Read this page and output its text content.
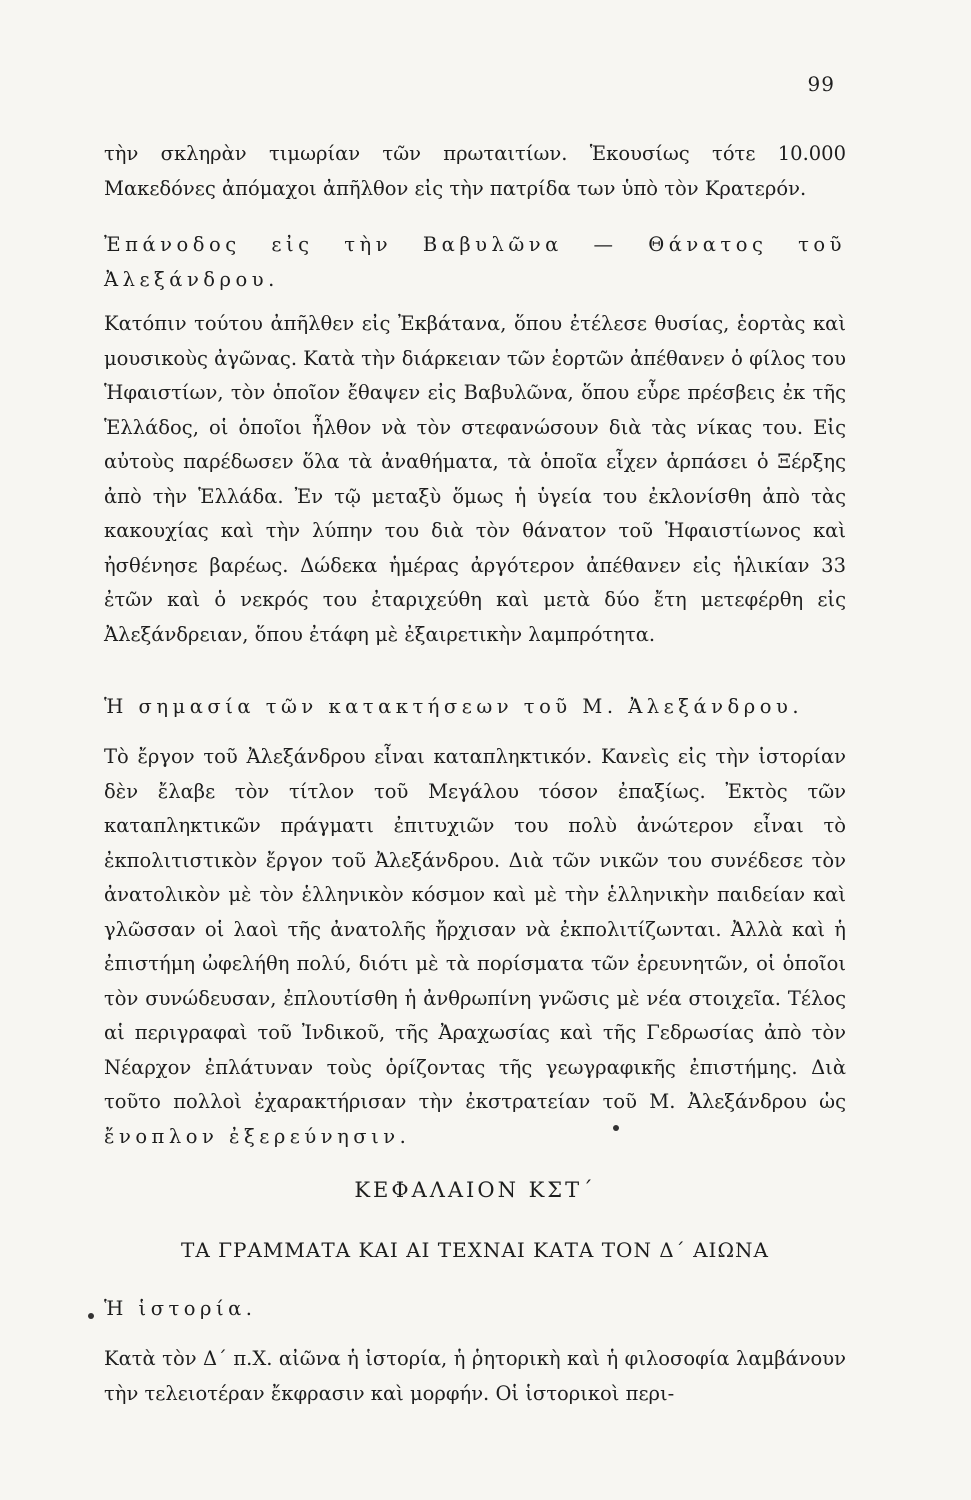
99

τὴν σκληρὰν τιμωρίαν τῶν πρωταιτίων. Ἑκουσίως τότε 10.000 Μακεδόνες ἀπόμαχοι ἀπῆλθον εἰς τὴν πατρίδα των ὑπὸ τὸν Κρατερόν.

Ἐπάνοδος εἰς τὴν Βαβυλῶνα — Θάνατος τοῦ Ἀλεξάνδρου.

Κατόπιν τούτου ἀπῆλθεν εἰς Ἐκβάτανα, ὅπου ἐτέλεσε θυσίας, ἑορτὰς καὶ μουσικοὺς ἀγῶνας. Κατὰ τὴν διάρκειαν τῶν ἑορτῶν ἀπέθανεν ὁ φίλος του Ἡφαιστίων, τὸν ὁποῖον ἔθαψεν εἰς Βαβυλῶνα, ὅπου εὗρε πρέσβεις ἐκ τῆς Ἑλλάδος, οἱ ὁποῖοι ἦλθον νὰ τὸν στεφανώσουν διὰ τὰς νίκας του. Εἰς αὐτοὺς παρέδωσεν ὅλα τὰ ἀναθήματα, τὰ ὁποῖα εἶχεν ἁρπάσει ὁ Ξέρξης ἀπὸ τὴν Ἑλλάδα. Ἐν τῷ μεταξὺ ὅμως ἡ ὑγεία του ἐκλονίσθη ἀπὸ τὰς κακουχίας καὶ τὴν λύπην του διὰ τὸν θάνατον τοῦ Ἡφαιστίωνος καὶ ἠσθένησε βαρέως. Δώδεκα ἡμέρας ἀργότερον ἀπέθανεν εἰς ἡλικίαν 33 ἐτῶν καὶ ὁ νεκρός του ἐταριχεύθη καὶ μετὰ δύο ἔτη μετεφέρθη εἰς Ἀλεξάνδρειαν, ὅπου ἐτάφη μὲ ἐξαιρετικὴν λαμπρότητα.

Ἡ σημασία τῶν κατακτήσεων τοῦ Μ. Ἀλεξάνδρου.

Τὸ ἔργον τοῦ Ἀλεξάνδρου εἶναι καταπληκτικόν. Κανεὶς εἰς τὴν ἱστορίαν δὲν ἔλαβε τὸν τίτλον τοῦ Μεγάλου τόσον ἐπαξίως. Ἐκτὸς τῶν καταπληκτικῶν πράγματι ἐπιτυχιῶν του πολὺ ἀνώτερον εἶναι τὸ ἐκπολιτιστικὸν ἔργον τοῦ Ἀλεξάνδρου. Διὰ τῶν νικῶν του συνέδεσε τὸν ἀνατολικὸν μὲ τὸν ἑλληνικὸν κόσμον καὶ μὲ τὴν ἑλληνικὴν παιδείαν καὶ γλῶσσαν οἱ λαοὶ τῆς ἀνατολῆς ἤρχισαν νὰ ἐκπολιτίζωνται. Ἀλλὰ καὶ ἡ ἐπιστήμη ὠφελήθη πολύ, διότι μὲ τὰ πορίσματα τῶν ἐρευνητῶν, οἱ ὁποῖοι τὸν συνώδευσαν, ἐπλουτίσθη ἡ ἀνθρωπίνη γνῶσις μὲ νέα στοιχεῖα. Τέλος αἱ περιγραφαὶ τοῦ Ἰνδικοῦ, τῆς Ἀραχωσίας καὶ τῆς Γεδρωσίας ἀπὸ τὸν Νέαρχον ἐπλάτυναν τοὺς ὁρίζοντας τῆς γεωγραφικῆς ἐπιστήμης. Διὰ τοῦτο πολλοὶ ἐχαρακτήρισαν τὴν ἐκστρατείαν τοῦ Μ. Ἀλεξάνδρου ὡς ἔνοπλον ἐξερεύνησιν.

ΚΕΦΑΛΑΙΟΝ ΚΣΤ΄
ΤΑ ΓΡΑΜΜΑΤΑ ΚΑΙ ΑΙ ΤΕΧΝΑΙ ΚΑΤΑ ΤΟΝ Δ΄ ΑΙΩΝΑ

Ἡ ἱστορία.

Κατὰ τὸν Δ΄ π.Χ. αἰῶνα ἡ ἱστορία, ἡ ῥητορικὴ καὶ ἡ φιλοσοφία λαμβάνουν τὴν τελειοτέραν ἔκφρασιν καὶ μορφήν. Οἱ ἱστορικοὶ περι-
